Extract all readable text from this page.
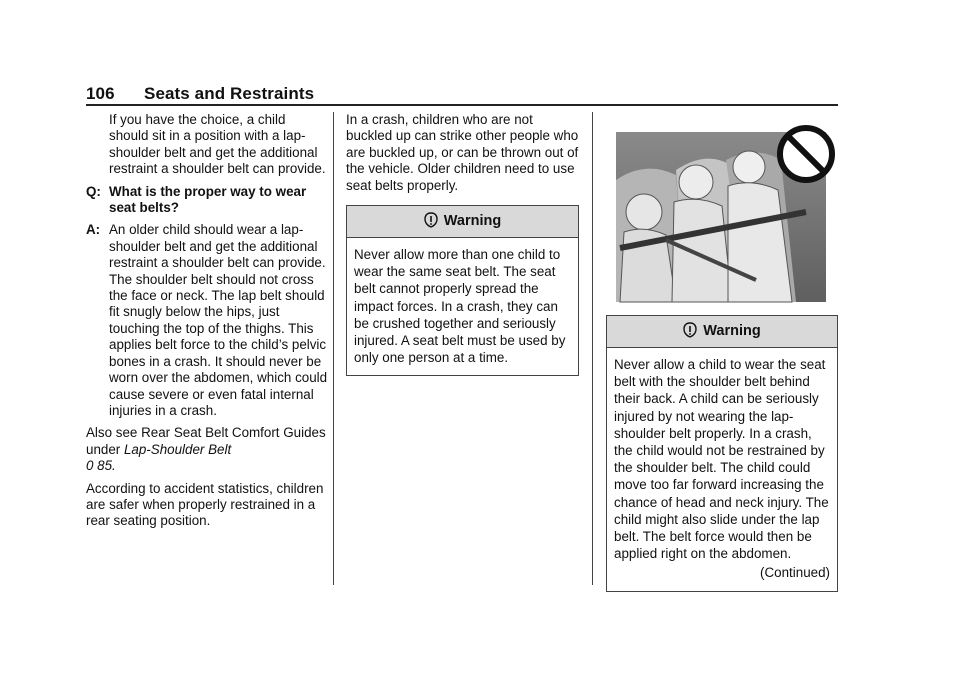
106 Seats and Restraints
If you have the choice, a child should sit in a position with a lap-shoulder belt and get the additional restraint a shoulder belt can provide.
Q: What is the proper way to wear seat belts?
A: An older child should wear a lap-shoulder belt and get the additional restraint a shoulder belt can provide. The shoulder belt should not cross the face or neck. The lap belt should fit snugly below the hips, just touching the top of the thighs. This applies belt force to the child’s pelvic bones in a crash. It should never be worn over the abdomen, which could cause severe or even fatal internal injuries in a crash.
Also see Rear Seat Belt Comfort Guides under Lap-Shoulder Belt
0 85.
According to accident statistics, children are safer when properly restrained in a rear seating position.
In a crash, children who are not buckled up can strike other people who are buckled up, or can be thrown out of the vehicle. Older children need to use seat belts properly.
Warning
Never allow more than one child to wear the same seat belt. The seat belt cannot properly spread the impact forces. In a crash, they can be crushed together and seriously injured. A seat belt must be used by only one person at a time.
Warning
Never allow a child to wear the seat belt with the shoulder belt behind their back. A child can be seriously injured by not wearing the lap-shoulder belt properly. In a crash, the child would not be restrained by the shoulder belt. The child could move too far forward increasing the chance of head and neck injury. The child might also slide under the lap belt. The belt force would then be applied right on the abdomen.
(Continued)
